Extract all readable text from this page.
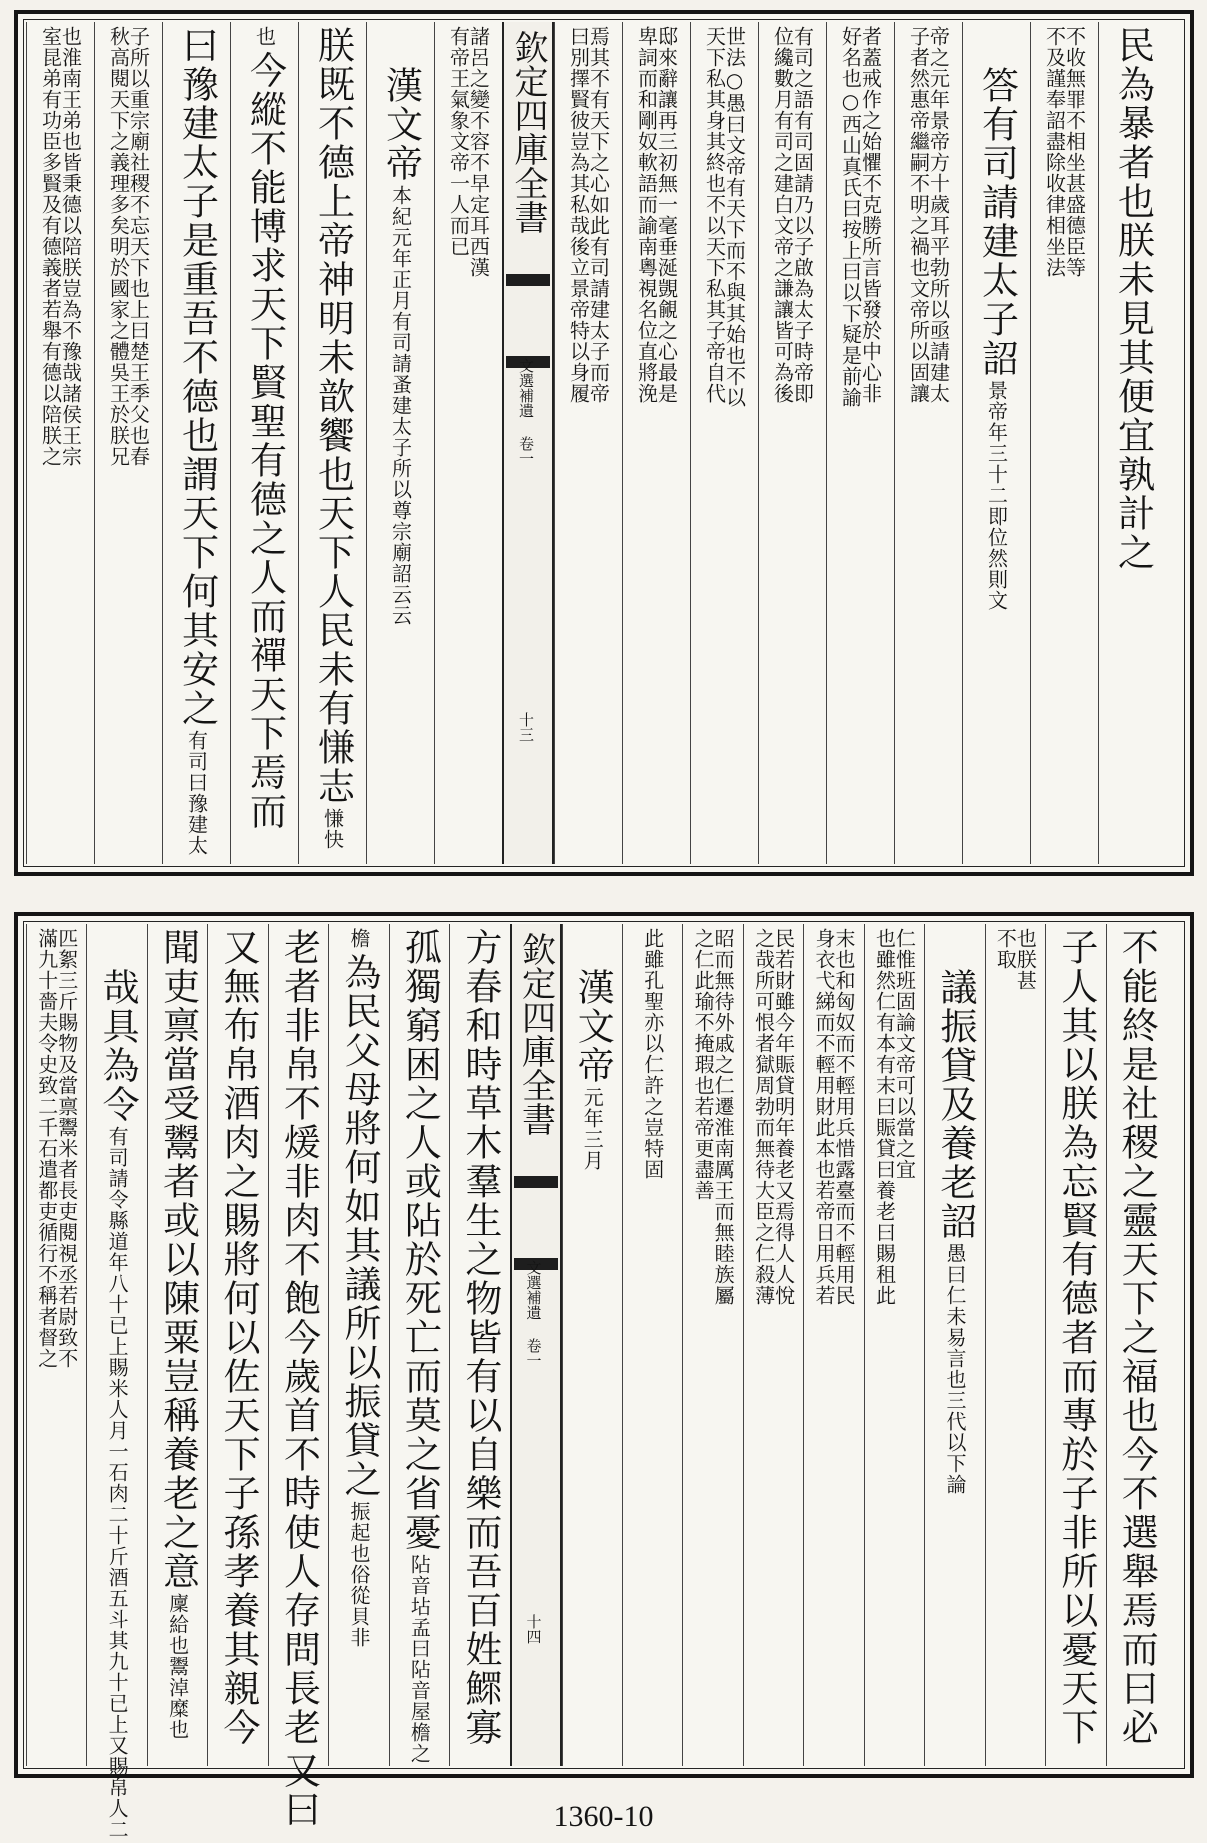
民為暴者也朕未見其便宜孰計之
不收無罪不相坐甚盛德臣等
不及謹奉詔盡除收律相坐法
答有司請建太子詔
景帝年三十二即位然則文
帝之元年景帝方十歲耳平勃所以亟請建太
子者然惠帝繼嗣不明之禍也文帝所以固讓
者蓋戒作之始懼不克勝所言皆發於中心非
好名也○西山真氏曰按上曰以下疑是前諭
有司之語有司固請乃以子啟為太子時帝即
位纔數月有司之建白文帝之謙讓皆可為後
世法○愚曰文帝有天下而不與其始也不以
天下私其身其終也不以天下私其子帝自代
邸來辭讓再三初無一毫垂涎覬覦之心最是
卑詞而和剛奴軟語而諭南粵視名位直將浼
焉其不有天下之心如此有司請建太子而帝
曰別擇賢彼豈為其私哉後立景帝特以身履
欽定四庫全書
文選補遺 卷一
十三
諸呂之變不容不早定耳西漢
有帝王氣象文帝一人而已
漢文帝
本紀元年正月有司請蚤建太子所以尊宗廟詔云云
朕既不德上帝神明未歆饗也天下人民未有慊志
慊快
也
今縱不能博求天下賢聖有德之人而禪天下焉而
曰豫建太子是重吾不德也謂天下何其安之
有司曰豫建太
子所以重宗廟社稷不忘天下也上曰楚王季父也春
秋高閱天下之義理多矣明於國家之體吳王於朕兄
也淮南王弟也皆秉德以陪朕豈為不豫哉諸侯王宗
室昆弟有功臣多賢及有德義者若舉有德以陪朕之
不能終是社稷之靈天下之福也今不選舉焉而曰必
子人其以朕為忘賢有德者而專於子非所以憂天下
也朕甚
不取
議振貸及養老詔
愚曰仁未易言也三代以下論
仁惟班固論文帝可以當之宜
也雖然仁有本有末曰賑貸曰養老曰賜租此
末也和匈奴而不輕用兵惜露臺而不輕用民
身衣弋綈而不輕用財此本也若帝日用兵若
民若財雖今年賑貸明年養老又焉得人人悅
之哉所可恨者獄周勃而無待大臣之仁殺薄
昭而無待外戚之仁遷淮南厲王而無睦族屬
之仁此瑜不掩瑕也若帝更盡善
此雖孔聖亦以仁許之豈特固
漢文帝
元年三月
欽定四庫全書
文選補遺 卷一
十四
方春和時草木羣生之物皆有以自樂而吾百姓鰥寡
孤獨窮困之人或阽於死亡而莫之省憂
阽音坫孟曰阽音屋檐之
檐
為民父母將何如其議所以振貸之
振起也俗從貝非
老者非帛不煖非肉不飽今歲首不時使人存問長老
又曰
又無布帛酒肉之賜將何以佐天下子孫孝養其親今
聞吏禀當受鬻者或以陳粟豈稱養老之意
廩給也鬻淖糜也
哉具為令
有司請令縣道年八十已上賜米人月一石肉二十斤酒五斗其九十已上又賜帛人二
匹絮三斤賜物及當禀鬻米者長吏閱視丞若尉致不
滿九十嗇夫令史致二千石遣都吏循行不稱者督之
1360-10
